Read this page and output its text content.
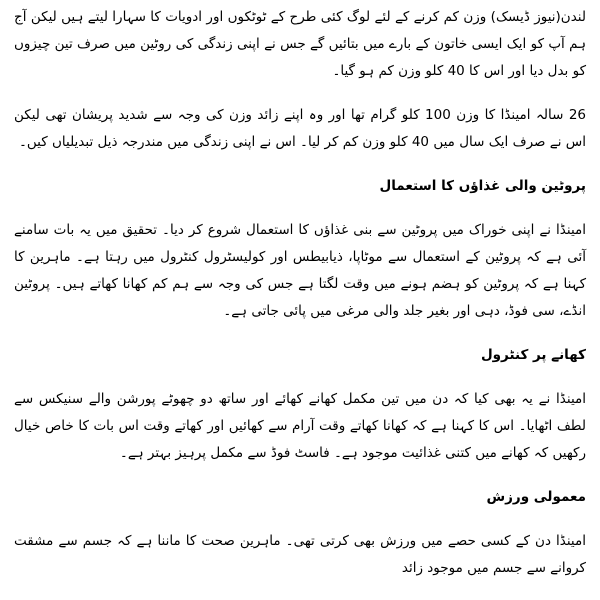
لندن(نیوز ڈیسک) وزن کم کرنے کے لئے لوگ کئی طرح کے ٹوٹکوں اور ادویات کا سہارا لیتے ہیں لیکن آج ہم آپ کو ایک ایسی خاتون کے بارے میں بتائیں گے جس نے اپنی زندگی کی روٹین میں صرف تین چیزوں کو بدل دیا اور اس کا 40 کلو وزن کم ہو گیا۔

26 سالہ امینڈا کا وزن 100 کلو گرام تھا اور وہ اپنے زائد وزن کی وجہ سے شدید پریشان تھی لیکن اس نے صرف ایک سال میں 40 کلو وزن کم کر لیا۔ اس نے اپنی زندگی میں مندرجہ ذیل تبدیلیاں کیں۔

پروٹین والی غذاؤں کا استعمال

امینڈا نے اپنی خوراک میں پروٹین سے بنی غذاؤں کا استعمال شروع کر دیا۔ تحقیق میں یہ بات سامنے آئی ہے کہ پروٹین کے استعمال سے موٹاپا، ذیابیطس اور کولیسٹرول کنٹرول میں رہتا ہے۔ ماہرین کا کہنا ہے کہ پروٹین کو ہضم ہونے میں وقت لگتا ہے جس کی وجہ سے ہم کم کھانا کھاتے ہیں۔ پروٹین انڈے، سی فوڈ، دہی اور بغیر جلد والی مرغی میں پائی جاتی ہے۔

کھانے پر کنٹرول

امینڈا نے یہ بھی کیا کہ دن میں تین مکمل کھانے کھائے اور ساتھ دو چھوٹے پورشن والے سنیکس سے لطف اٹھایا۔ اس کا کہنا ہے کہ کھانا کھاتے وقت آرام سے کھائیں اور کھاتے وقت اس بات کا خاص خیال رکھیں کہ کھانے میں کتنی غذائیت موجود ہے۔ فاسٹ فوڈ سے مکمل پرہیز بہتر ہے۔

معمولی ورزش

امینڈا دن کے کسی حصے میں ورزش بھی کرتی تھی۔ ماہرین صحت کا ماننا ہے کہ جسم سے مشقت کروانے سے جسم میں موجود زائد
